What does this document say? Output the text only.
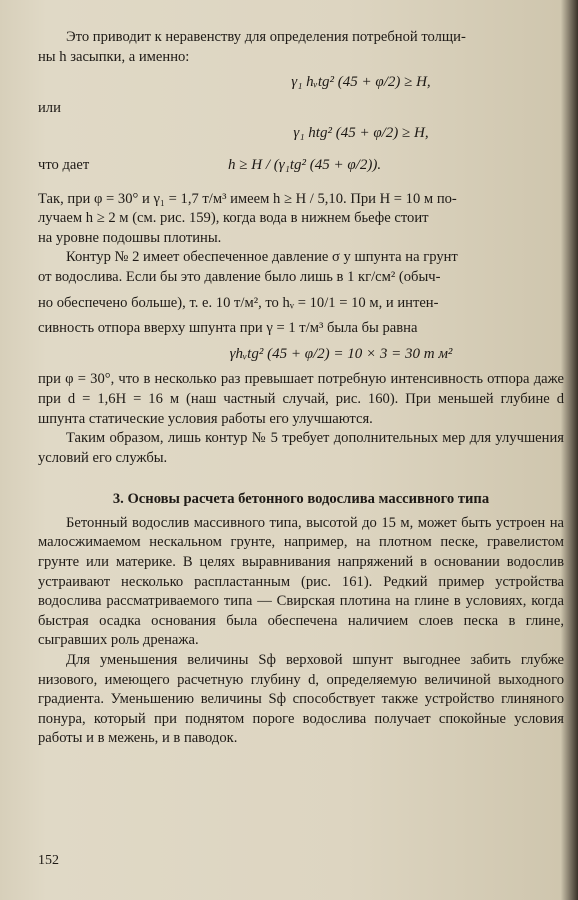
Это приводит к неравенству для определения потребной толщи-

ны h засыпки, а именно:

γ₁ hᵥtg² (45 + φ/2) ≥ H,

или

γ₁ htg² (45 + φ/2) ≥ H,
что дает	h ≥ H / (γ₁tg² (45 + φ/2)).

Так, при φ = 30° и γ₁ = 1,7 т/м³ имеем h ≥ H / 5,10. При H = 10 м по-

лучаем h ≥ 2 м (см. рис. 159), когда вода в нижнем бьефе стоит

на уровне подошвы плотины.

Контур № 2 имеет обеспеченное давление σ у шпунта на грунт

от водослива. Если бы это давление было лишь в 1 кг/см² (обыч-

но обеспечено больше), т. е. 10 т/м², то hᵥ = 10/1 = 10 м, и интен-

сивность отпора вверху шпунта при γ = 1 т/м³ была бы равна

γhᵥtg² (45 + φ/2) = 10 × 3 = 30 т м²

при φ = 30°, что в несколько раз превышает потребную интенсивность отпора даже при d = 1,6H = 16 м (наш частный случай, рис. 160). При меньшей глубине d шпунта статические условия работы его улучшаются.

Таким образом, лишь контур № 5 требует дополнительных мер для улучшения условий его службы.

3. Основы расчета бетонного водослива массивного типа

Бетонный водослив массивного типа, высотой до 15 м, может быть устроен на малосжимаемом нескальном грунте, например, на плотном песке, гравелистом грунте или материке. В целях выравнивания напряжений в основании водослив устраивают несколько распластанным (рис. 161). Редкий пример устройства водослива рассматриваемого типа — Свирская плотина на глине в условиях, когда быстрая осадка основания была обеспечена наличием слоев песка в глине, сыгравших роль дренажа.

Для уменьшения величины Sф верховой шпунт выгоднее забить глубже низового, имеющего расчетную глубину d, определяемую величиной выходного градиента. Уменьшению величины Sф способствует также устройство глиняного понура, который при поднятом пороге водослива получает спокойные условия работы и в межень, и в паводок.

152
